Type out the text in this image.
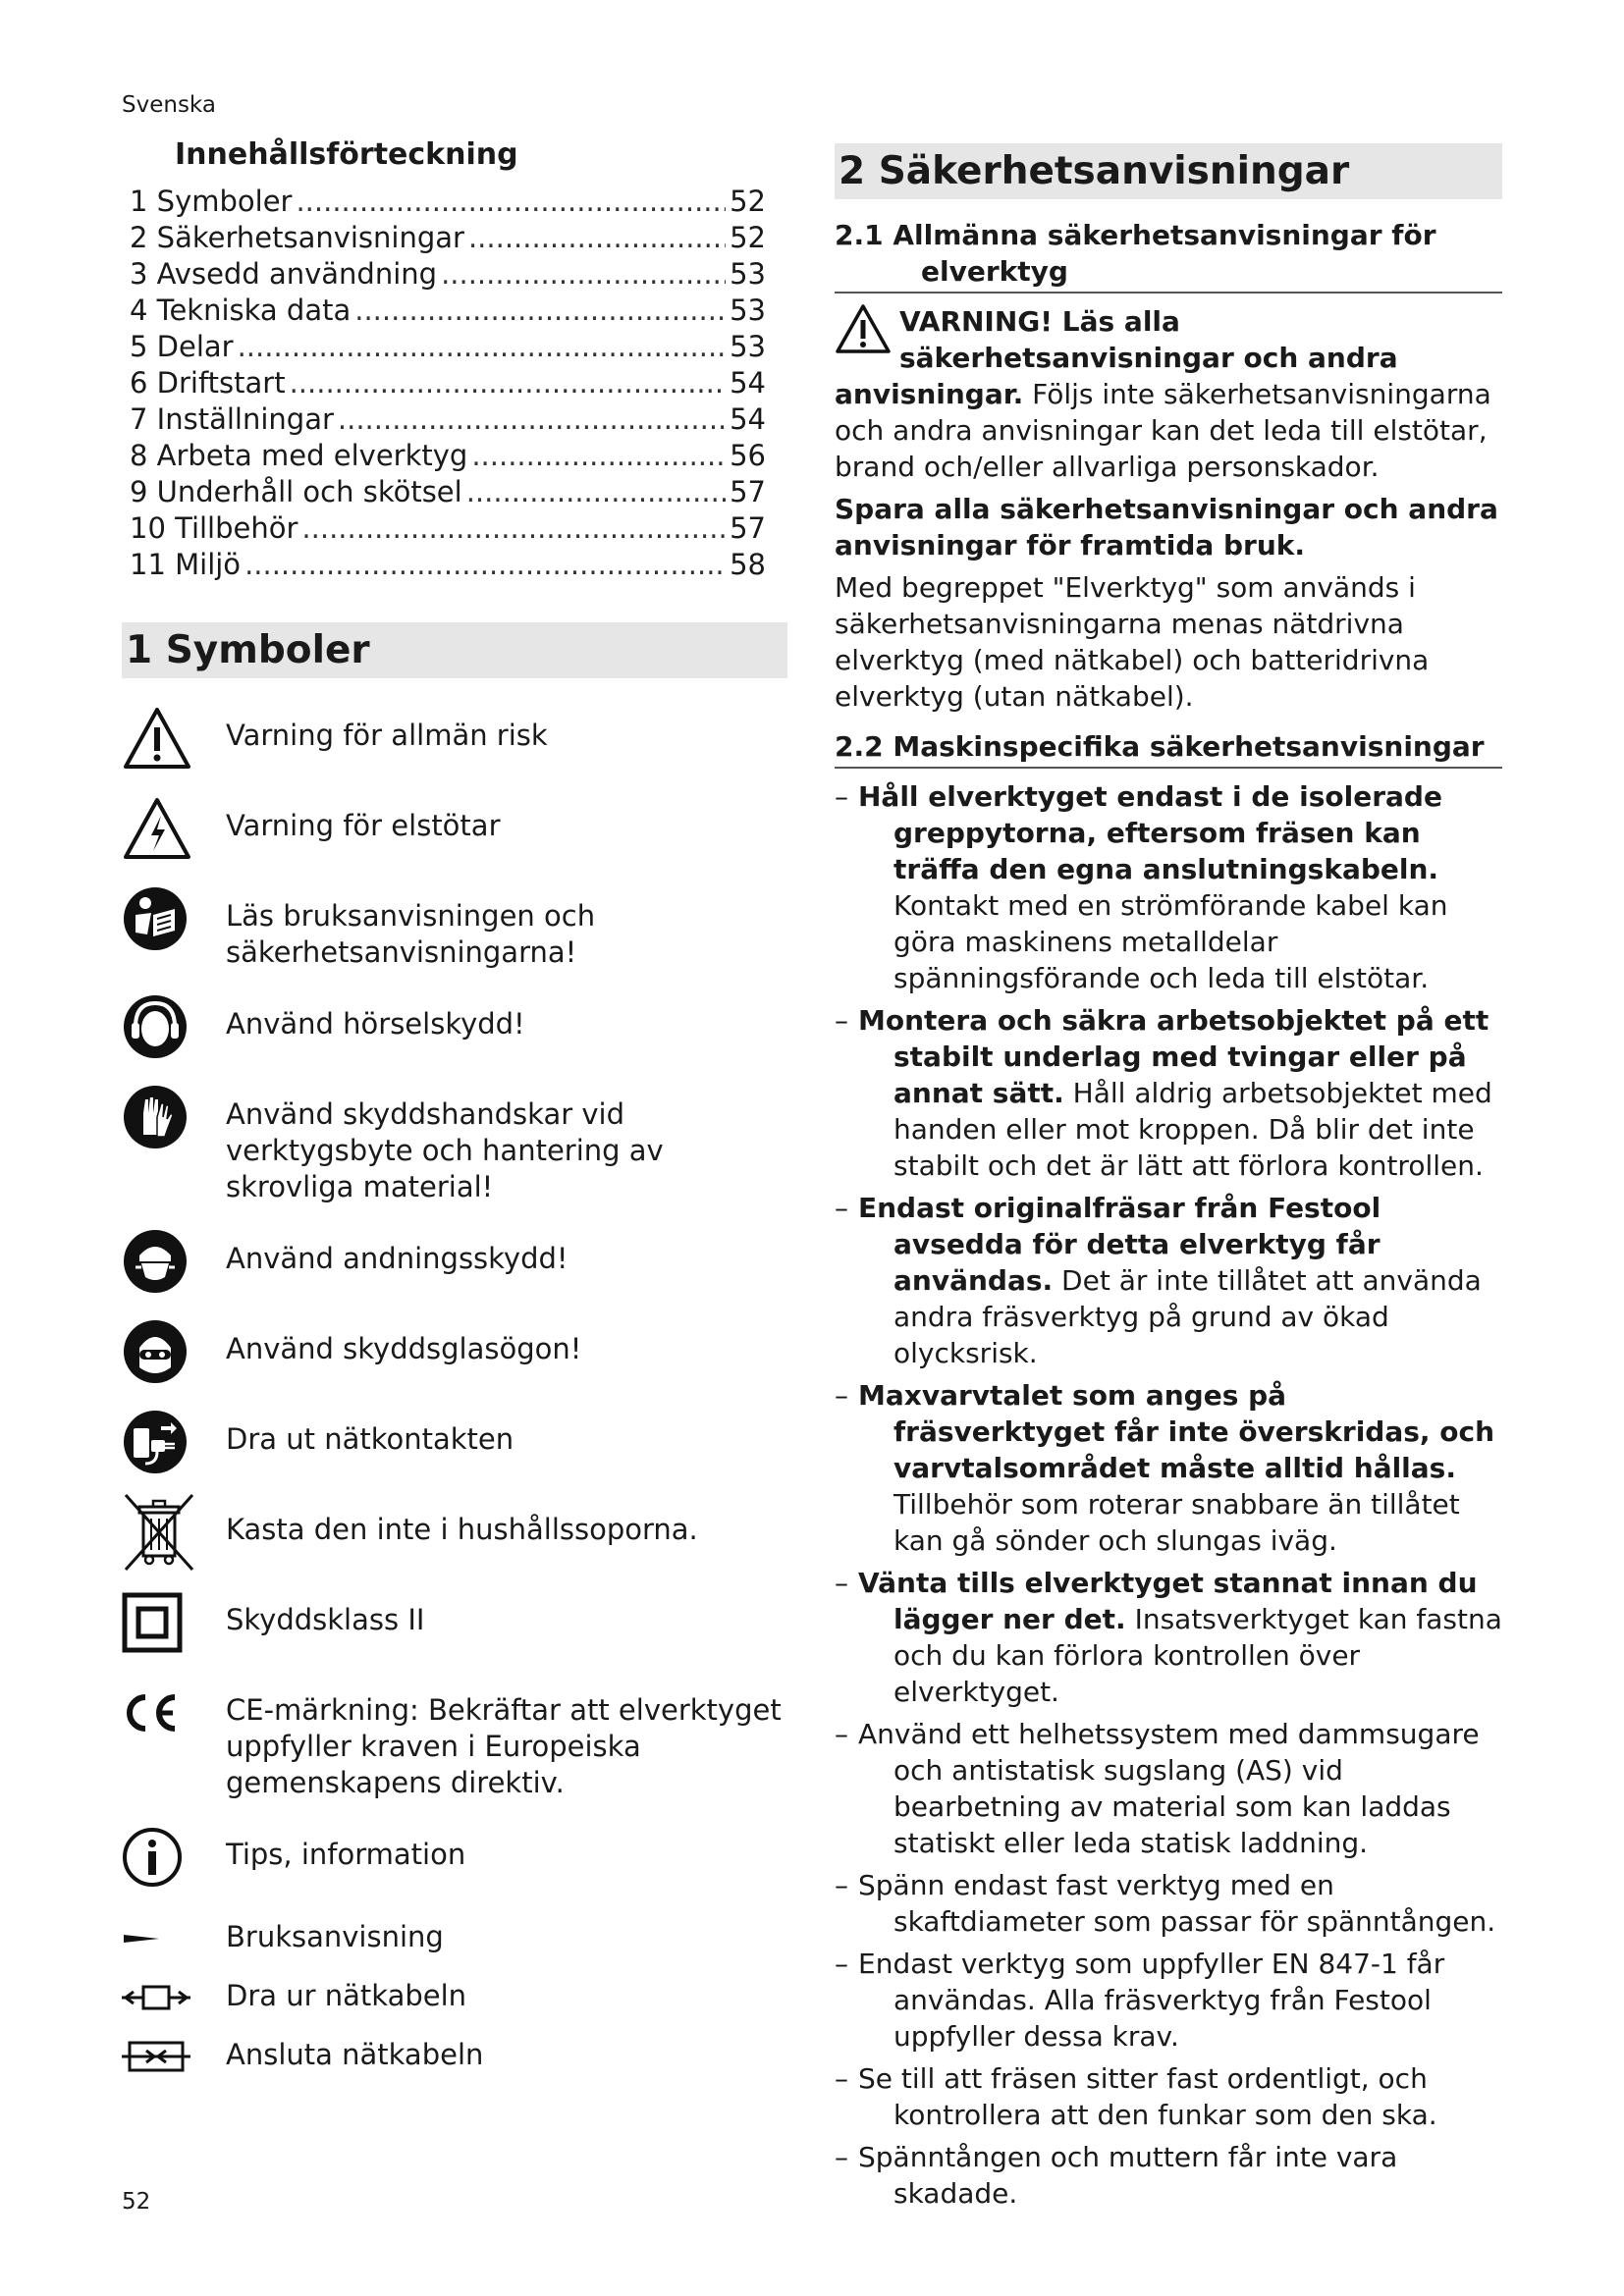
Svenska
Innehållsförteckning
1 Symboler .....	52
2 Säkerhetsanvisningar .....	52
3 Avsedd användning .....	53
4 Tekniska data .....	53
5 Delar .....	53
6 Driftstart .....	54
7 Inställningar .....	54
8 Arbeta med elverktyg .....	56
9 Underhåll och skötsel .....	57
10 Tillbehör .....	57
11 Miljö .....	58
1 Symboler
Varning för allmän risk
Varning för elstötar
Läs bruksanvisningen och säkerhetsanvisningarna!
Använd hörselskydd!
Använd skyddshandskar vid verktygsbyte och hantering av skrovliga material!
Använd andningsskydd!
Använd skyddsglasögon!
Dra ut nätkontakten
Kasta den inte i hushållssoporna.
Skyddsklass II
CE-märkning: Bekräftar att elverktyget uppfyller kraven i Europeiska gemenskapens direktiv.
Tips, information
Bruksanvisning
Dra ur nätkabeln
Ansluta nätkabeln
2 Säkerhetsanvisningar
2.1 Allmänna säkerhetsanvisningar för
elverktyg
VARNING! Läs alla säkerhetsanvisningar och andra anvisningar. Följs inte säkerhetsanvisningarna och andra anvisningar kan det leda till elstötar, brand och/eller allvarliga personskador.
Spara alla säkerhetsanvisningar och andra anvisningar för framtida bruk.
Med begreppet "Elverktyg" som används i säkerhetsanvisningarna menas nätdrivna elverktyg (med nätkabel) och batteridrivna elverktyg (utan nätkabel).
2.2 Maskinspecifika säkerhetsanvisningar
– Håll elverktyget endast i de isolerade greppytorna, eftersom fräsen kan träffa den egna anslutningskabeln. Kontakt med en strömförande kabel kan göra maskinens metalldelar spänningsförande och leda till elstötar.
– Montera och säkra arbetsobjektet på ett stabilt underlag med tvingar eller på annat sätt. Håll aldrig arbetsobjektet med handen eller mot kroppen. Då blir det inte stabilt och det är lätt att förlora kontrollen.
– Endast originalfräsar från Festool avsedda för detta elverktyg får användas. Det är inte tillåtet att använda andra fräsverktyg på grund av ökad olycksrisk.
– Maxvarvtalet som anges på fräsverktyget får inte överskridas, och varvtalsområdet måste alltid hållas. Tillbehör som roterar snabbare än tillåtet kan gå sönder och slungas iväg.
– Vänta tills elverktyget stannat innan du lägger ner det. Insatsverktyget kan fastna och du kan förlora kontrollen över elverktyget.
– Använd ett helhetssystem med dammsugare och antistatisk sugslang (AS) vid bearbetning av material som kan laddas statiskt eller leda statisk laddning.
– Spänn endast fast verktyg med en skaftdiameter som passar för spänntången.
– Endast verktyg som uppfyller EN 847-1 får användas. Alla fräsverktyg från Festool uppfyller dessa krav.
– Se till att fräsen sitter fast ordentligt, och kontrollera att den funkar som den ska.
– Spänntången och muttern får inte vara skadade.
52
